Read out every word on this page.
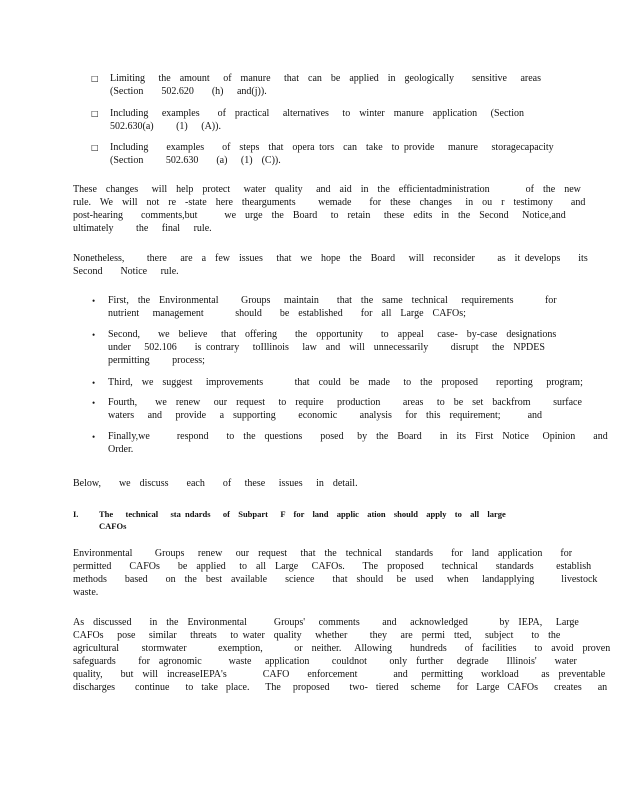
□ Limiting   the  amount   of  manure   that  can  be  applied  in  geologically    sensitive   areas
(Section    502.620    (h)   and(j)).
□ Including   examples    of  practical   alternatives   to  winter  manure  application   (Section
502.630(a)     (1)   (A)).
□ Including    examples    of  steps  that  opera tors  can  take  to provide   manure   storagecapacity
(Section     502.630    (a)   (1)  (C)).
These  changes   will  help  protect   water  quality   and  aid  in  the  efficientadministration        of  the  new
rule.  We  will  not  re  -state  here  thearguments     wemade    for  these  changes   in  ou  r  testimony    and
post-hearing    comments,but      we  urge  the  Board   to  retain   these  edits  in  the  Second   Notice,and
ultimately     the   final   rule.
Nonetheless,     there   are  a  few  issues   that  we  hope  the  Board   will  reconsider     as  it develops    its
Second    Notice   rule.
• First,  the  Environmental     Groups   maintain    that  the  same  technical   requirements       for
nutrient   management       should    be  established    for  all  Large  CAFOs;
• Second,    we  believe   that  offering    the  opportunity    to  appeal   case-  by-case  designations
under   502.106    is contrary   toIllinois   law  and  will  unnecessarily     disrupt   the  NPDES
permitting     process;
• Third,  we  suggest   improvements       that  could  be  made   to  the  proposed    reporting   program;
• Fourth,    we  renew   our  request   to  require   production     areas   to  be  set  backfrom     surface
waters   and   provide   a  supporting     economic     analysis   for  this  requirement;      and
• Finally,we      respond    to  the  questions    posed   by  the  Board    in  its  First  Notice   Opinion    and
Order.
Below,    we  discuss    each    of   these   issues   in  detail.
I. The   technical   sta ndards   of  Subpart   F  for  land  applic  ation  should  apply  to  all  large
CAFOs
Environmental     Groups   renew   our  request   that  the  technical   standards    for  land  application    for
permitted    CAFOs    be  applied   to  all  Large   CAFOs.    The  proposed    technical    standards     establish
methods    based    on  the  best  available    science    that  should   be  used   when   landapplying      livestock
waste.
As  discussed    in  the  Environmental      Groups'   comments     and   acknowledged       by  IEPA,   Large
CAFOs   pose   similar   threats   to water  quality   whether     they   are  permi  tted,   subject    to  the
agricultural     stormwater       exemption,       or  neither.   Allowing    hundreds    of  facilities    to  avoid  proven
safeguards     for  agronomic      waste   application     couldnot     only  further   degrade    Illinois'    water
quality,    but  will  increaseIEPA's        CAFO    enforcement        and   permitting    workload     as  preventable
discharges     continue    to  take  place.    The   proposed     two-  tiered   scheme    for  Large  CAFOs    creates    an
